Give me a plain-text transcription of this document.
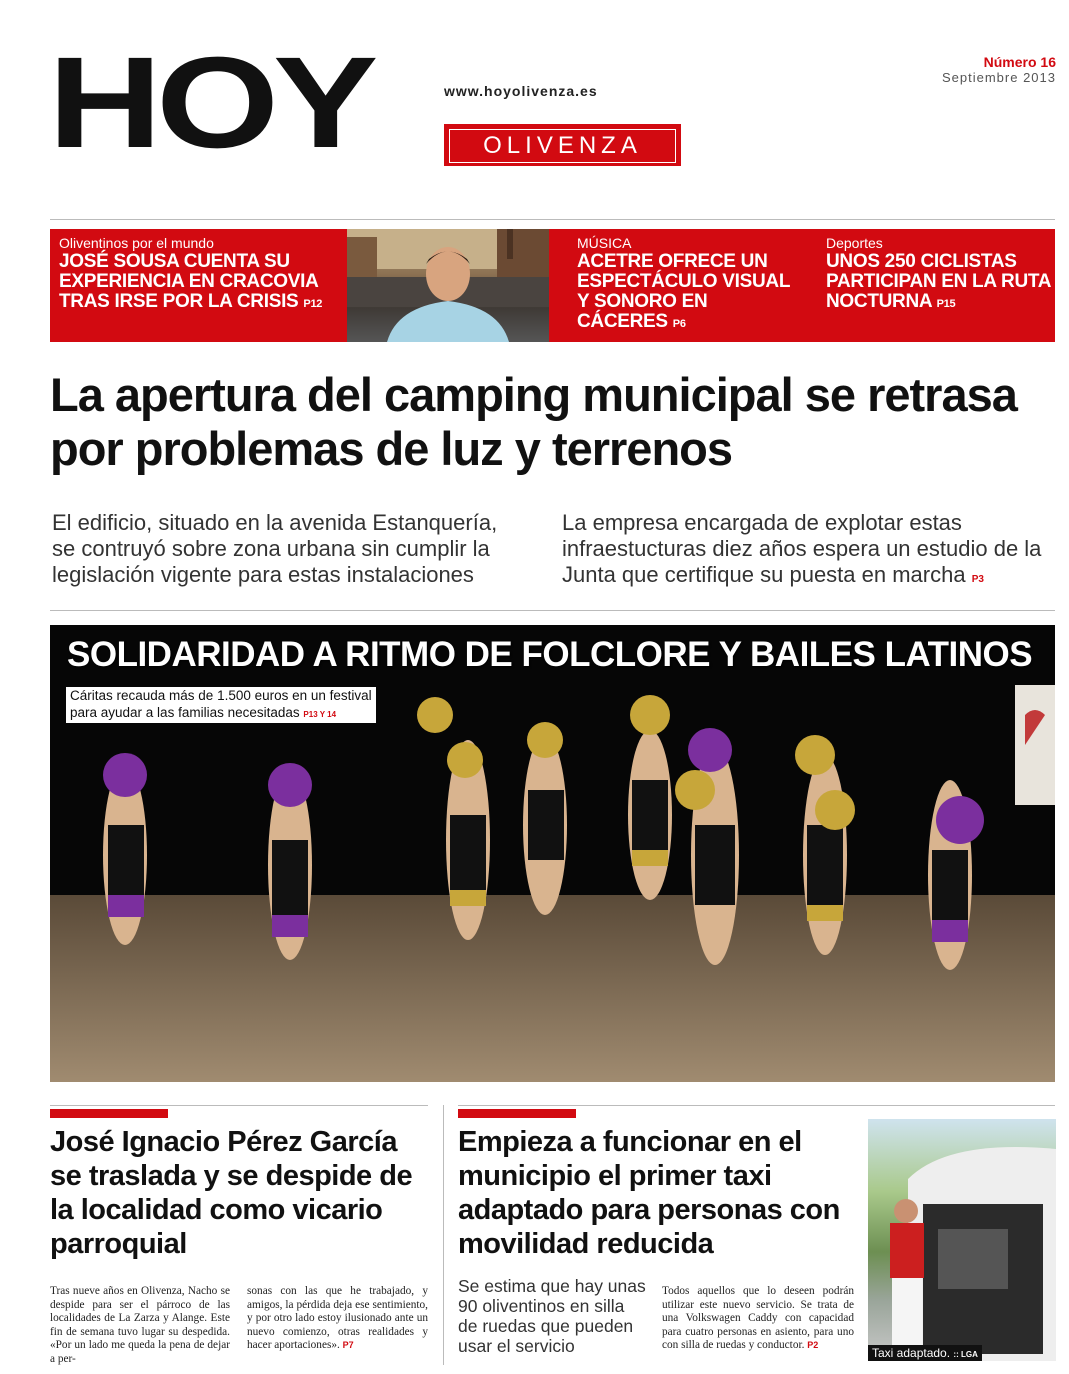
HOY	www.hoyolivenza.es
OLIVENZA
Número 16
Septiembre 2013
Oliventinos por el mundo
JOSÉ SOUSA CUENTA SU EXPERIENCIA EN CRACOVIA TRAS IRSE POR LA CRISIS P12
MÚSICA
ACETRE OFRECE UN ESPECTÁCULO VISUAL Y SONORO EN CÁCERES P6
Deportes
UNOS 250 CICLISTAS PARTICIPAN EN LA RUTA NOCTURNA P15
La apertura del camping municipal se retrasa por problemas de luz y terrenos
El edificio, situado en la avenida Estanquería, se contruyó sobre zona urbana sin cumplir la legislación vigente para estas instalaciones
La empresa encargada de explotar estas infraestucturas diez años espera un estudio de la Junta que certifique su puesta en marcha P3
SOLIDARIDAD A RITMO DE FOLCLORE Y BAILES LATINOS
Cáritas recauda más de 1.500 euros en un festival
para ayudar a las familias necesitadas P13 Y 14
José Ignacio Pérez García se traslada y se despide de la localidad como vicario parroquial
Tras nueve años en Olivenza, Nacho se despide para ser el párroco de las localidades de La Zarza y Alange. Este fin de semana tuvo lugar su despedida. «Por un lado me queda la pena de dejar a per-
sonas con las que he trabajado, y amigos, la pérdida deja ese sentimiento, y por otro lado estoy ilusionado ante un nuevo comienzo, otras realidades y hacer aportaciones». P7
Empieza a funcionar en el municipio el primer taxi adaptado para personas con movilidad reducida
Se estima que hay unas 90 oliventinos en silla de ruedas que pueden usar el servicio
Todos aquellos que lo deseen podrán utilizar este nuevo servicio. Se trata de una Volkswagen Caddy con capacidad para cuatro personas en asiento, para uno con silla de ruedas y conductor. P2
Taxi adaptado. :: LGA
